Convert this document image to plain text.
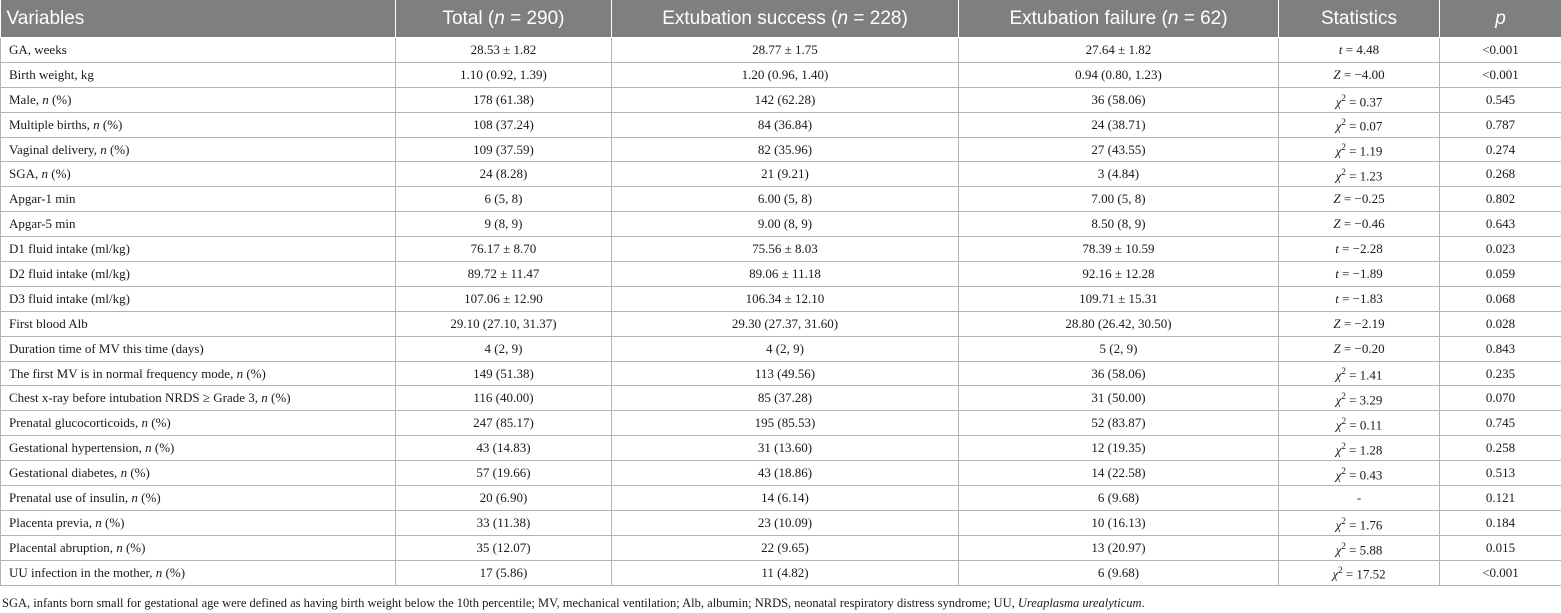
Variables	Total (n = 290)	Extubation success (n = 228)	Extubation failure (n = 62)	Statistics	p
GA, weeks	28.53 ± 1.82	28.77 ± 1.75	27.64 ± 1.82	t = 4.48	<0.001
Birth weight, kg	1.10 (0.92, 1.39)	1.20 (0.96, 1.40)	0.94 (0.80, 1.23)	Z = −4.00	<0.001
Male, n (%)	178 (61.38)	142 (62.28)	36 (58.06)	$\chi^2 = 0.37$	0.545
Multiple births, n (%)	108 (37.24)	84 (36.84)	24 (38.71)	$\chi^2 = 0.07$	0.787
Vaginal delivery, n (%)	109 (37.59)	82 (35.96)	27 (43.55)	$\chi^2 = 1.19$	0.274
SGA, n (%)	24 (8.28)	21 (9.21)	3 (4.84)	$\chi^2 = 1.23$	0.268
Apgar-1 min	6 (5, 8)	6.00 (5, 8)	7.00 (5, 8)	Z = −0.25	0.802
Apgar-5 min	9 (8, 9)	9.00 (8, 9)	8.50 (8, 9)	Z = −0.46	0.643
D1 fluid intake (ml/kg)	76.17 ± 8.70	75.56 ± 8.03	78.39 ± 10.59	t = −2.28	0.023
D2 fluid intake (ml/kg)	89.72 ± 11.47	89.06 ± 11.18	92.16 ± 12.28	t = −1.89	0.059
D3 fluid intake (ml/kg)	107.06 ± 12.90	106.34 ± 12.10	109.71 ± 15.31	t = −1.83	0.068
First blood Alb	29.10 (27.10, 31.37)	29.30 (27.37, 31.60)	28.80 (26.42, 30.50)	Z = −2.19	0.028
Duration time of MV this time (days)	4 (2, 9)	4 (2, 9)	5 (2, 9)	Z = −0.20	0.843
The first MV is in normal frequency mode, n (%)	149 (51.38)	113 (49.56)	36 (58.06)	$\chi^2 = 1.41$	0.235
Chest x-ray before intubation NRDS ≥ Grade 3, n (%)	116 (40.00)	85 (37.28)	31 (50.00)	$\chi^2 = 3.29$	0.070
Prenatal glucocorticoids, n (%)	247 (85.17)	195 (85.53)	52 (83.87)	$\chi^2 = 0.11$	0.745
Gestational hypertension, n (%)	43 (14.83)	31 (13.60)	12 (19.35)	$\chi^2 = 1.28$	0.258
Gestational diabetes, n (%)	57 (19.66)	43 (18.86)	14 (22.58)	$\chi^2 = 0.43$	0.513
Prenatal use of insulin, n (%)	20 (6.90)	14 (6.14)	6 (9.68)	-	0.121
Placenta previa, n (%)	33 (11.38)	23 (10.09)	10 (16.13)	$\chi^2 = 1.76$	0.184
Placental abruption, n (%)	35 (12.07)	22 (9.65)	13 (20.97)	$\chi^2 = 5.88$	0.015
UU infection in the mother, n (%)	17 (5.86)	11 (4.82)	6 (9.68)	$\chi^2 = 17.52$	<0.001
SGA, infants born small for gestational age were defined as having birth weight below the 10th percentile; MV, mechanical ventilation; Alb, albumin; NRDS, neonatal respiratory distress syndrome; UU, Ureaplasma urealyticum.
